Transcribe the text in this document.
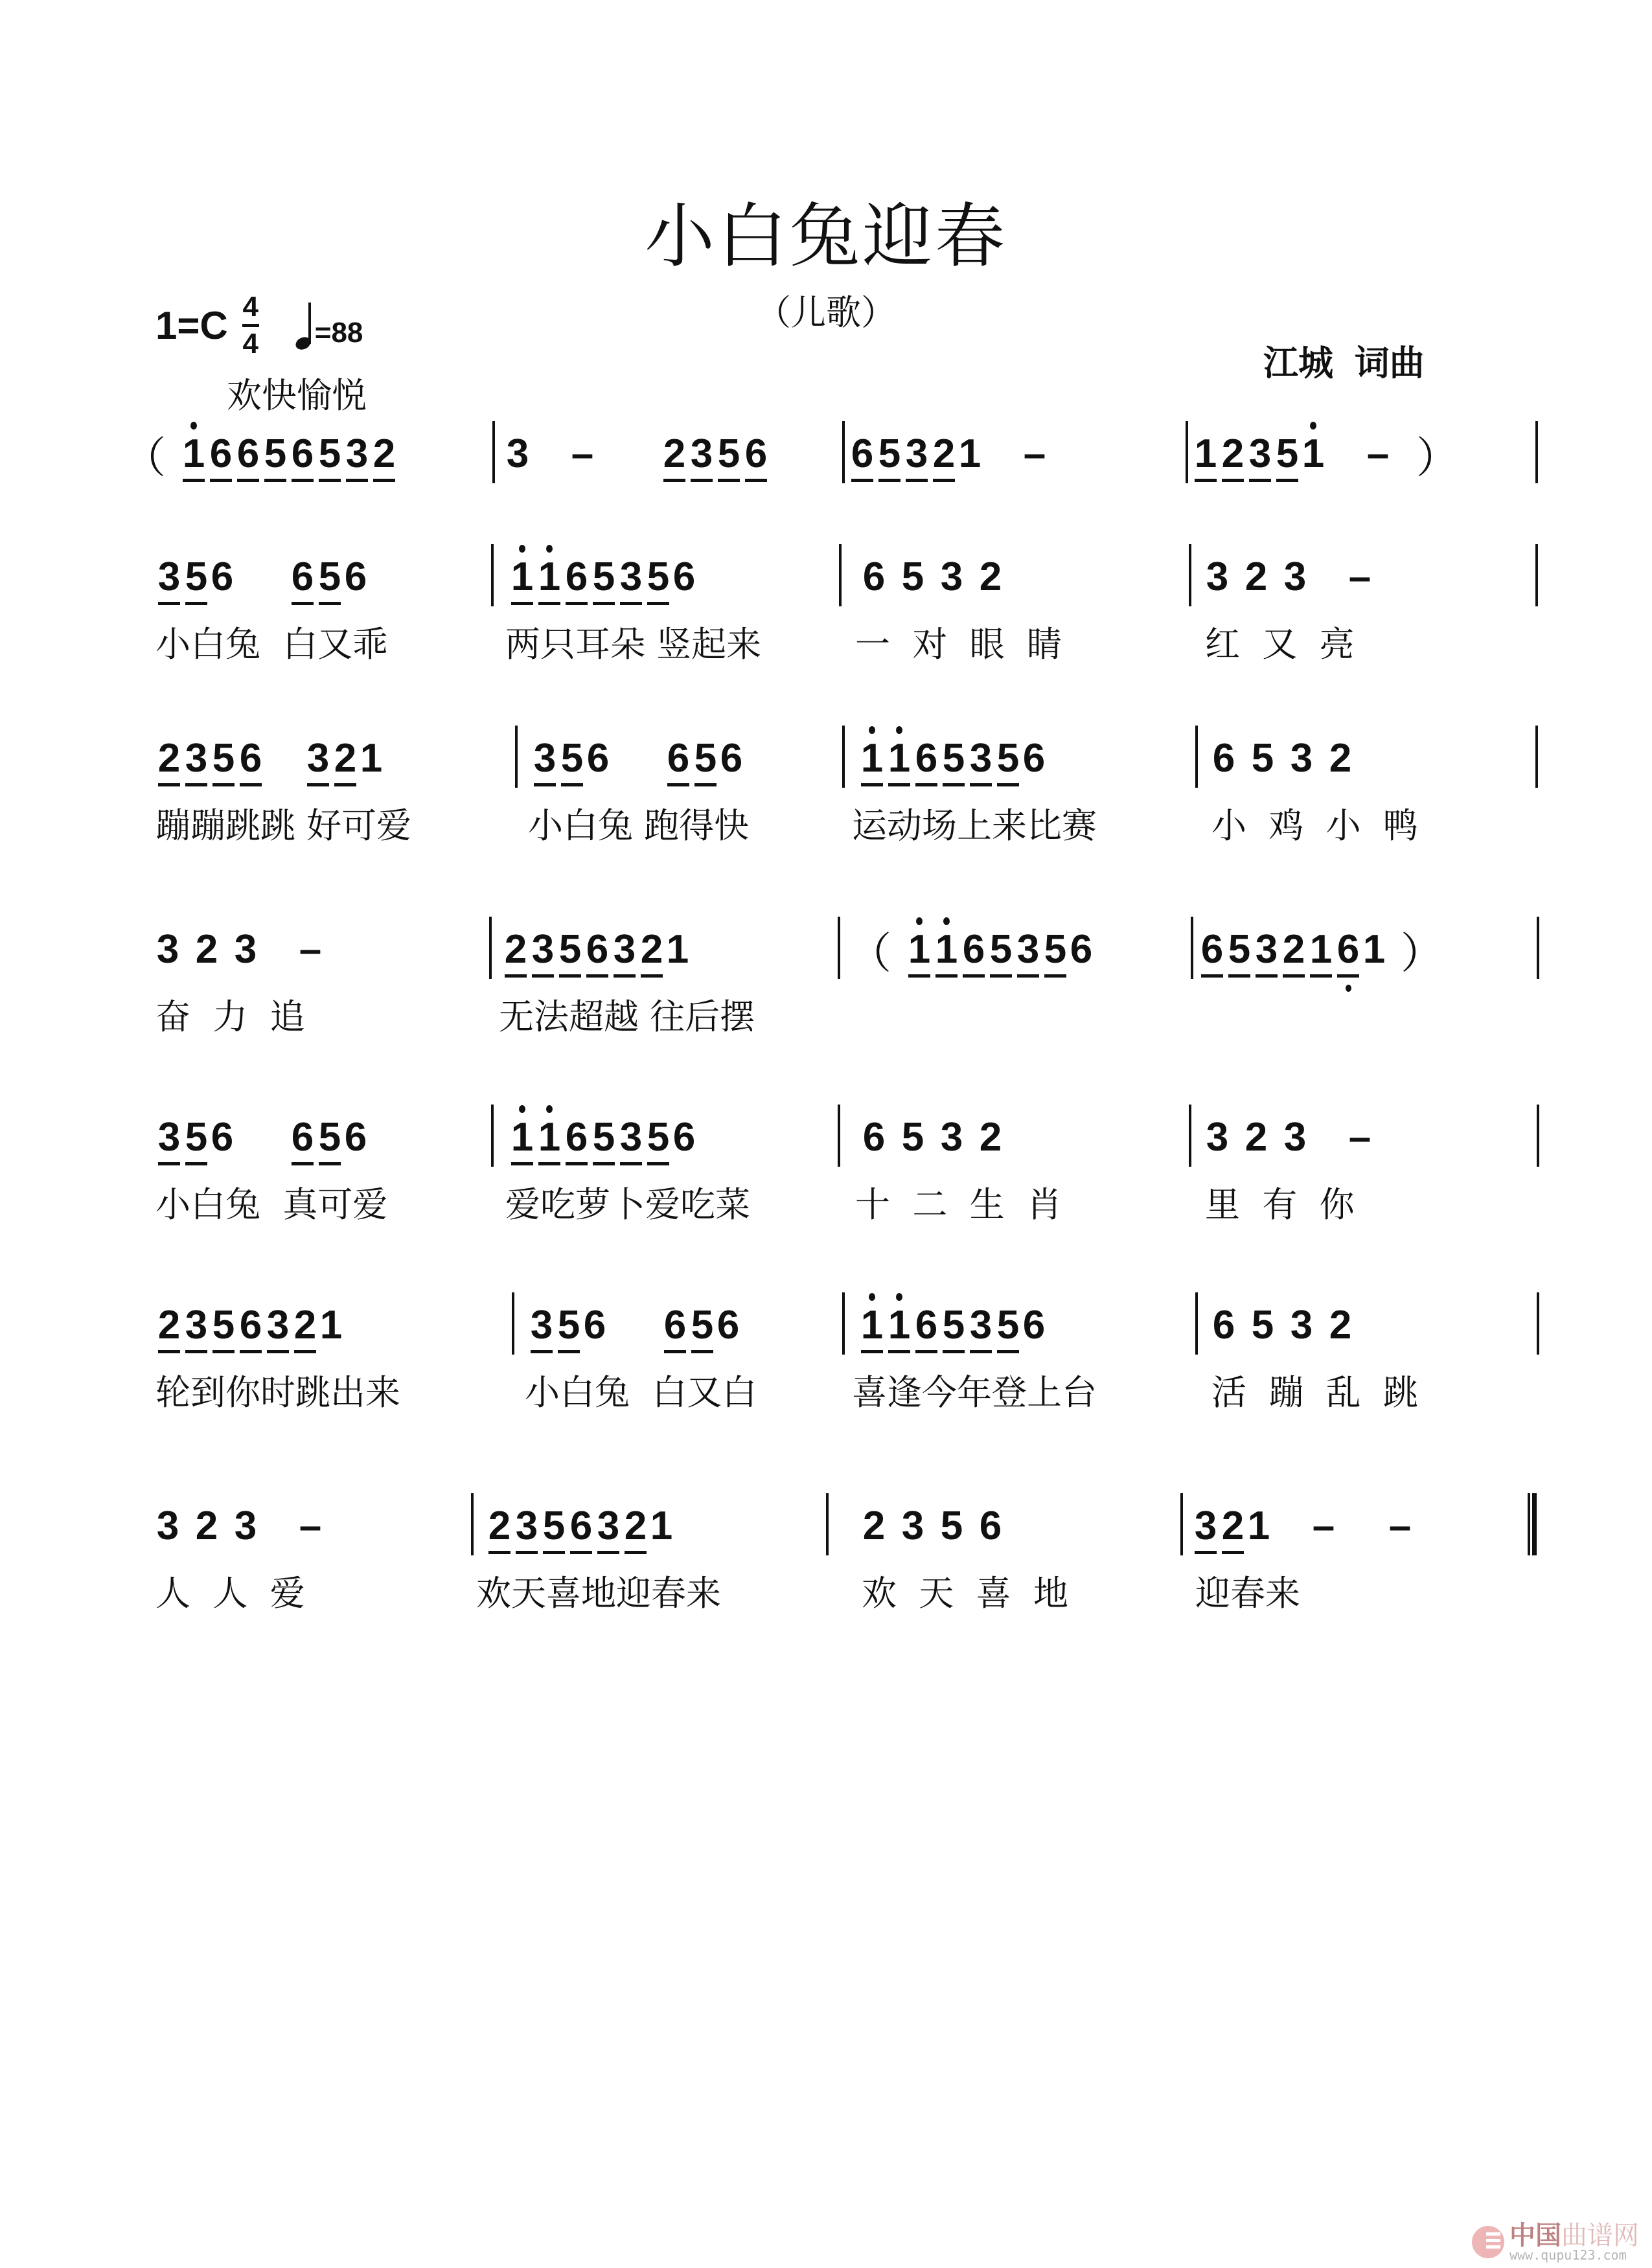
小白兔迎春
（儿歌）
1=C 4
4 =88
欢快愉悦
江城 词曲
（ 1 6 6 5 6 5 3 2	3 – 2 3 5 6 6 5 3 2 1 –	1 2 3 5 1 – ）
3 5 6 6 5 6	1 1 6 5 3 5 6	6 5 3 2	3 2 3 –
小白兔  白又乖	两只耳朵 竖起来	一  对  眼  睛	红  又  亮
2 3 5 6 3 2 1	3 5 6 6 5 6	1 1 6 5 3 5 6	6 5 3 2
蹦蹦跳跳 好可爱	小白兔 跑得快	运动场上来比赛	小  鸡  小  鸭
3 2 3 –	2 3 5 6 3 2 1	（ 1 1 6 5 3 5 6	6 5 3 2 1 6 1 ）
奋  力  追	无法超越 往后摆
3 5 6 6 5 6	1 1 6 5 3 5 6	6 5 3 2	3 2 3 –
小白兔  真可爱	爱吃萝卜爱吃菜	十  二  生  肖	里  有  你
2 3 5 6 3 2 1	3 5 6 6 5 6	1 1 6 5 3 5 6	6 5 3 2
轮到你时跳出来	小白兔  白又白	喜逢今年登上台	活  蹦  乱  跳
3 2 3 –	2 3 5 6 3 2 1	2 3 5 6	3 2 1 – –
人  人  爱	欢天喜地迎春来	欢  天  喜  地	迎春来
中国曲谱网
www.qupu123.com
